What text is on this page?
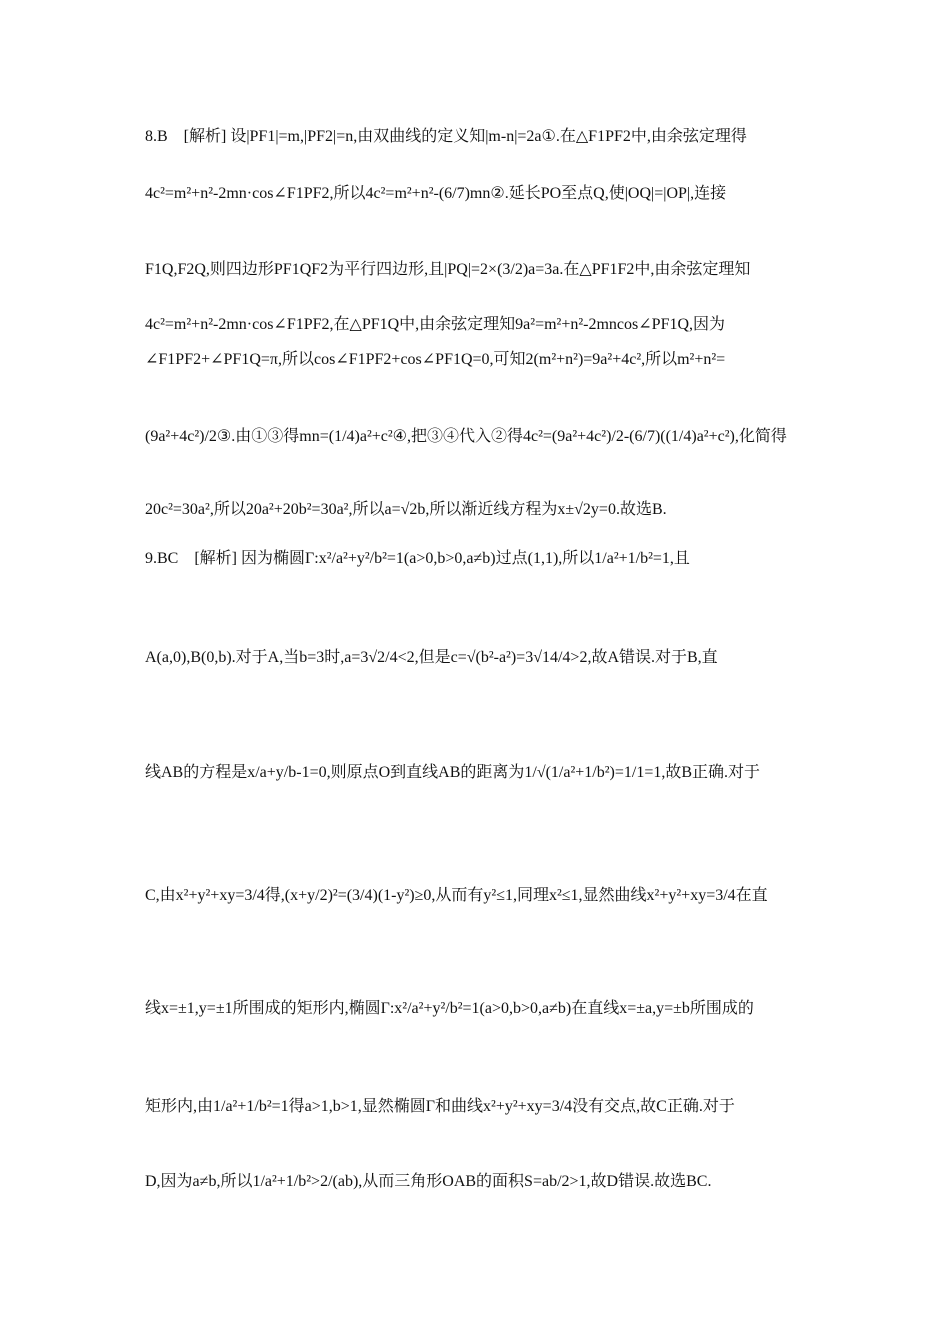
8.B　[解析] 设|PF1|=m,|PF2|=n,由双曲线的定义知|m-n|=2a①.在△F1PF2中,由余弦定理得
4c²=m²+n²-2mn·cos∠F1PF2,所以4c²=m²+n²-(6/7)mn②.延长PO至点Q,使|OQ|=|OP|,连接
F1Q,F2Q,则四边形PF1QF2为平行四边形,且|PQ|=2×(3/2)a=3a.在△PF1F2中,由余弦定理知
4c²=m²+n²-2mn·cos∠F1PF2,在△PF1Q中,由余弦定理知9a²=m²+n²-2mncos∠PF1Q,因为
∠F1PF2+∠PF1Q=π,所以cos∠F1PF2+cos∠PF1Q=0,可知2(m²+n²)=9a²+4c²,所以m²+n²=
(9a²+4c²)/2③.由①③得mn=(1/4)a²+c²④,把③④代入②得4c²=(9a²+4c²)/2-(6/7)((1/4)a²+c²),化简得
20c²=30a²,所以20a²+20b²=30a²,所以a=√2b,所以渐近线方程为x±√2y=0.故选B.
9.BC　[解析] 因为椭圆Γ:x²/a²+y²/b²=1(a>0,b>0,a≠b)过点(1,1),所以1/a²+1/b²=1,且
A(a,0),B(0,b).对于A,当b=3时,a=3√2/4<2,但是c=√(b²-a²)=3√14/4>2,故A错误.对于B,直
线AB的方程是x/a+y/b-1=0,则原点O到直线AB的距离为1/√(1/a²+1/b²)=1/1=1,故B正确.对于
C,由x²+y²+xy=3/4得,(x+y/2)²=(3/4)(1-y²)≥0,从而有y²≤1,同理x²≤1,显然曲线x²+y²+xy=3/4在直
线x=±1,y=±1所围成的矩形内,椭圆Γ:x²/a²+y²/b²=1(a>0,b>0,a≠b)在直线x=±a,y=±b所围成的
矩形内,由1/a²+1/b²=1得a>1,b>1,显然椭圆Γ和曲线x²+y²+xy=3/4没有交点,故C正确.对于
D,因为a≠b,所以1/a²+1/b²>2/(ab),从而三角形OAB的面积S=ab/2>1,故D错误.故选BC.
